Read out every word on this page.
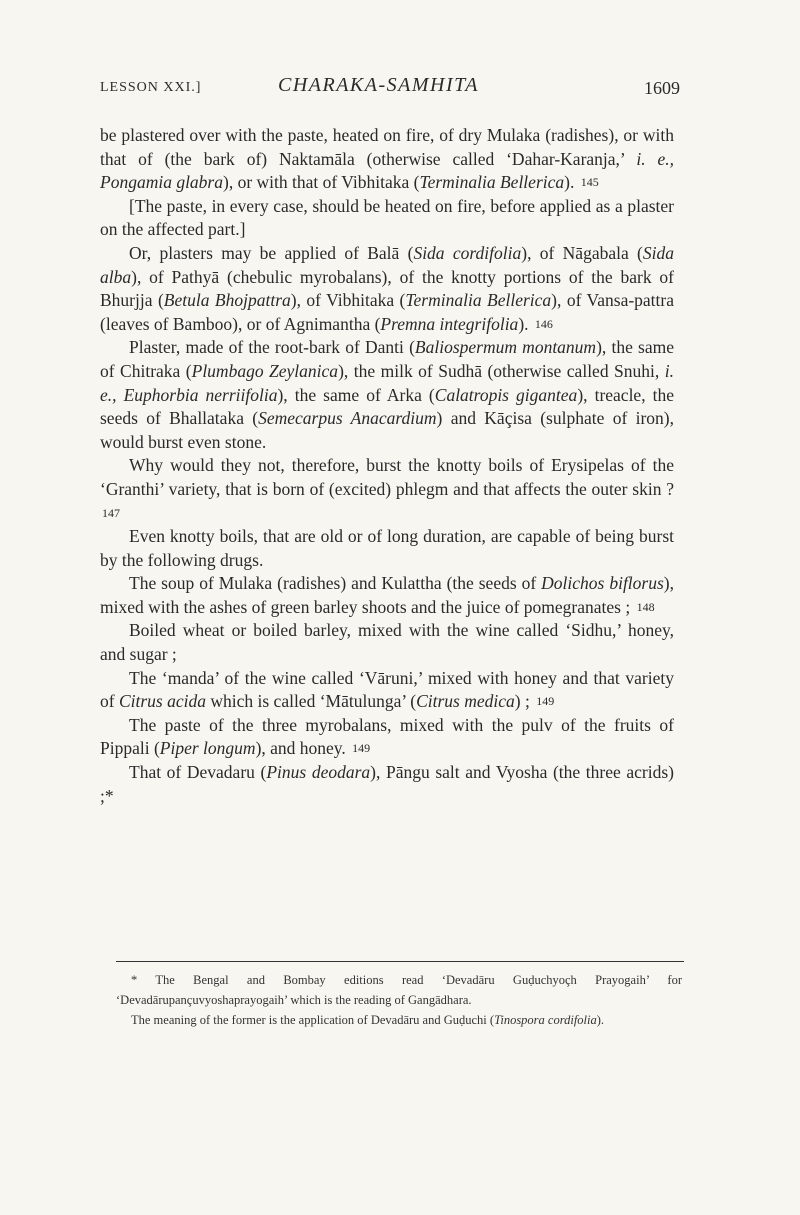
LESSON XXI.]	CHARAKA-SAMHITA	1609

be plastered over with the paste, heated on fire, of dry Mulaka (radishes), or with that of (the bark of) Naktamāla (otherwise called ‘Dahar-Karanja,’ i. e., Pongamia glabra), or with that of Vibhitaka (Terminalia Bellerica). 145

[The paste, in every case, should be heated on fire, before applied as a plaster on the affected part.]

Or, plasters may be applied of Balā (Sida cordifolia), of Nāgabala (Sida alba), of Pathyā (chebulic myrobalans), of the knotty portions of the bark of Bhurjja (Betula Bhojpattra), of Vibhitaka (Terminalia Bellerica), of Vansa-pattra (leaves of Bamboo), or of Agnimantha (Premna integrifolia). 146

Plaster, made of the root-bark of Danti (Baliospermum montanum), the same of Chitraka (Plumbago Zeylanica), the milk of Sudhā (otherwise called Snuhi, i. e., Euphorbia nerriifolia), the same of Arka (Calatropis gigantea), treacle, the seeds of Bhallataka (Semecarpus Anacardium) and Kāçisa (sulphate of iron), would burst even stone.

Why would they not, therefore, burst the knotty boils of Erysipelas of the ‘Granthi’ variety, that is born of (excited) phlegm and that affects the outer skin ? 147

Even knotty boils, that are old or of long duration, are capable of being burst by the following drugs.

The soup of Mulaka (radishes) and Kulattha (the seeds of Dolichos biflorus), mixed with the ashes of green barley shoots and the juice of pomegranates ; 148

Boiled wheat or boiled barley, mixed with the wine called ‘Sidhu,’ honey, and sugar ;

The ‘manda’ of the wine called ‘Vāruni,’ mixed with honey and that variety of Citrus acida which is called ‘Mātulunga’ (Citrus medica) ; 149

The paste of the three myrobalans, mixed with the pulv of the fruits of Pippali (Piper longum), and honey. 149

That of Devadaru (Pinus deodara), Pāngu salt and Vyosha (the three acrids) ;*

* The Bengal and Bombay editions read ‘Devadāru Guḍuchyoçh Prayogaih’ for ‘Devadārupançuvyoshaprayogaih’ which is the reading of Gangādhara.

The meaning of the former is the application of Devadāru and Guḍuchi (Tinospora cordifolia).
